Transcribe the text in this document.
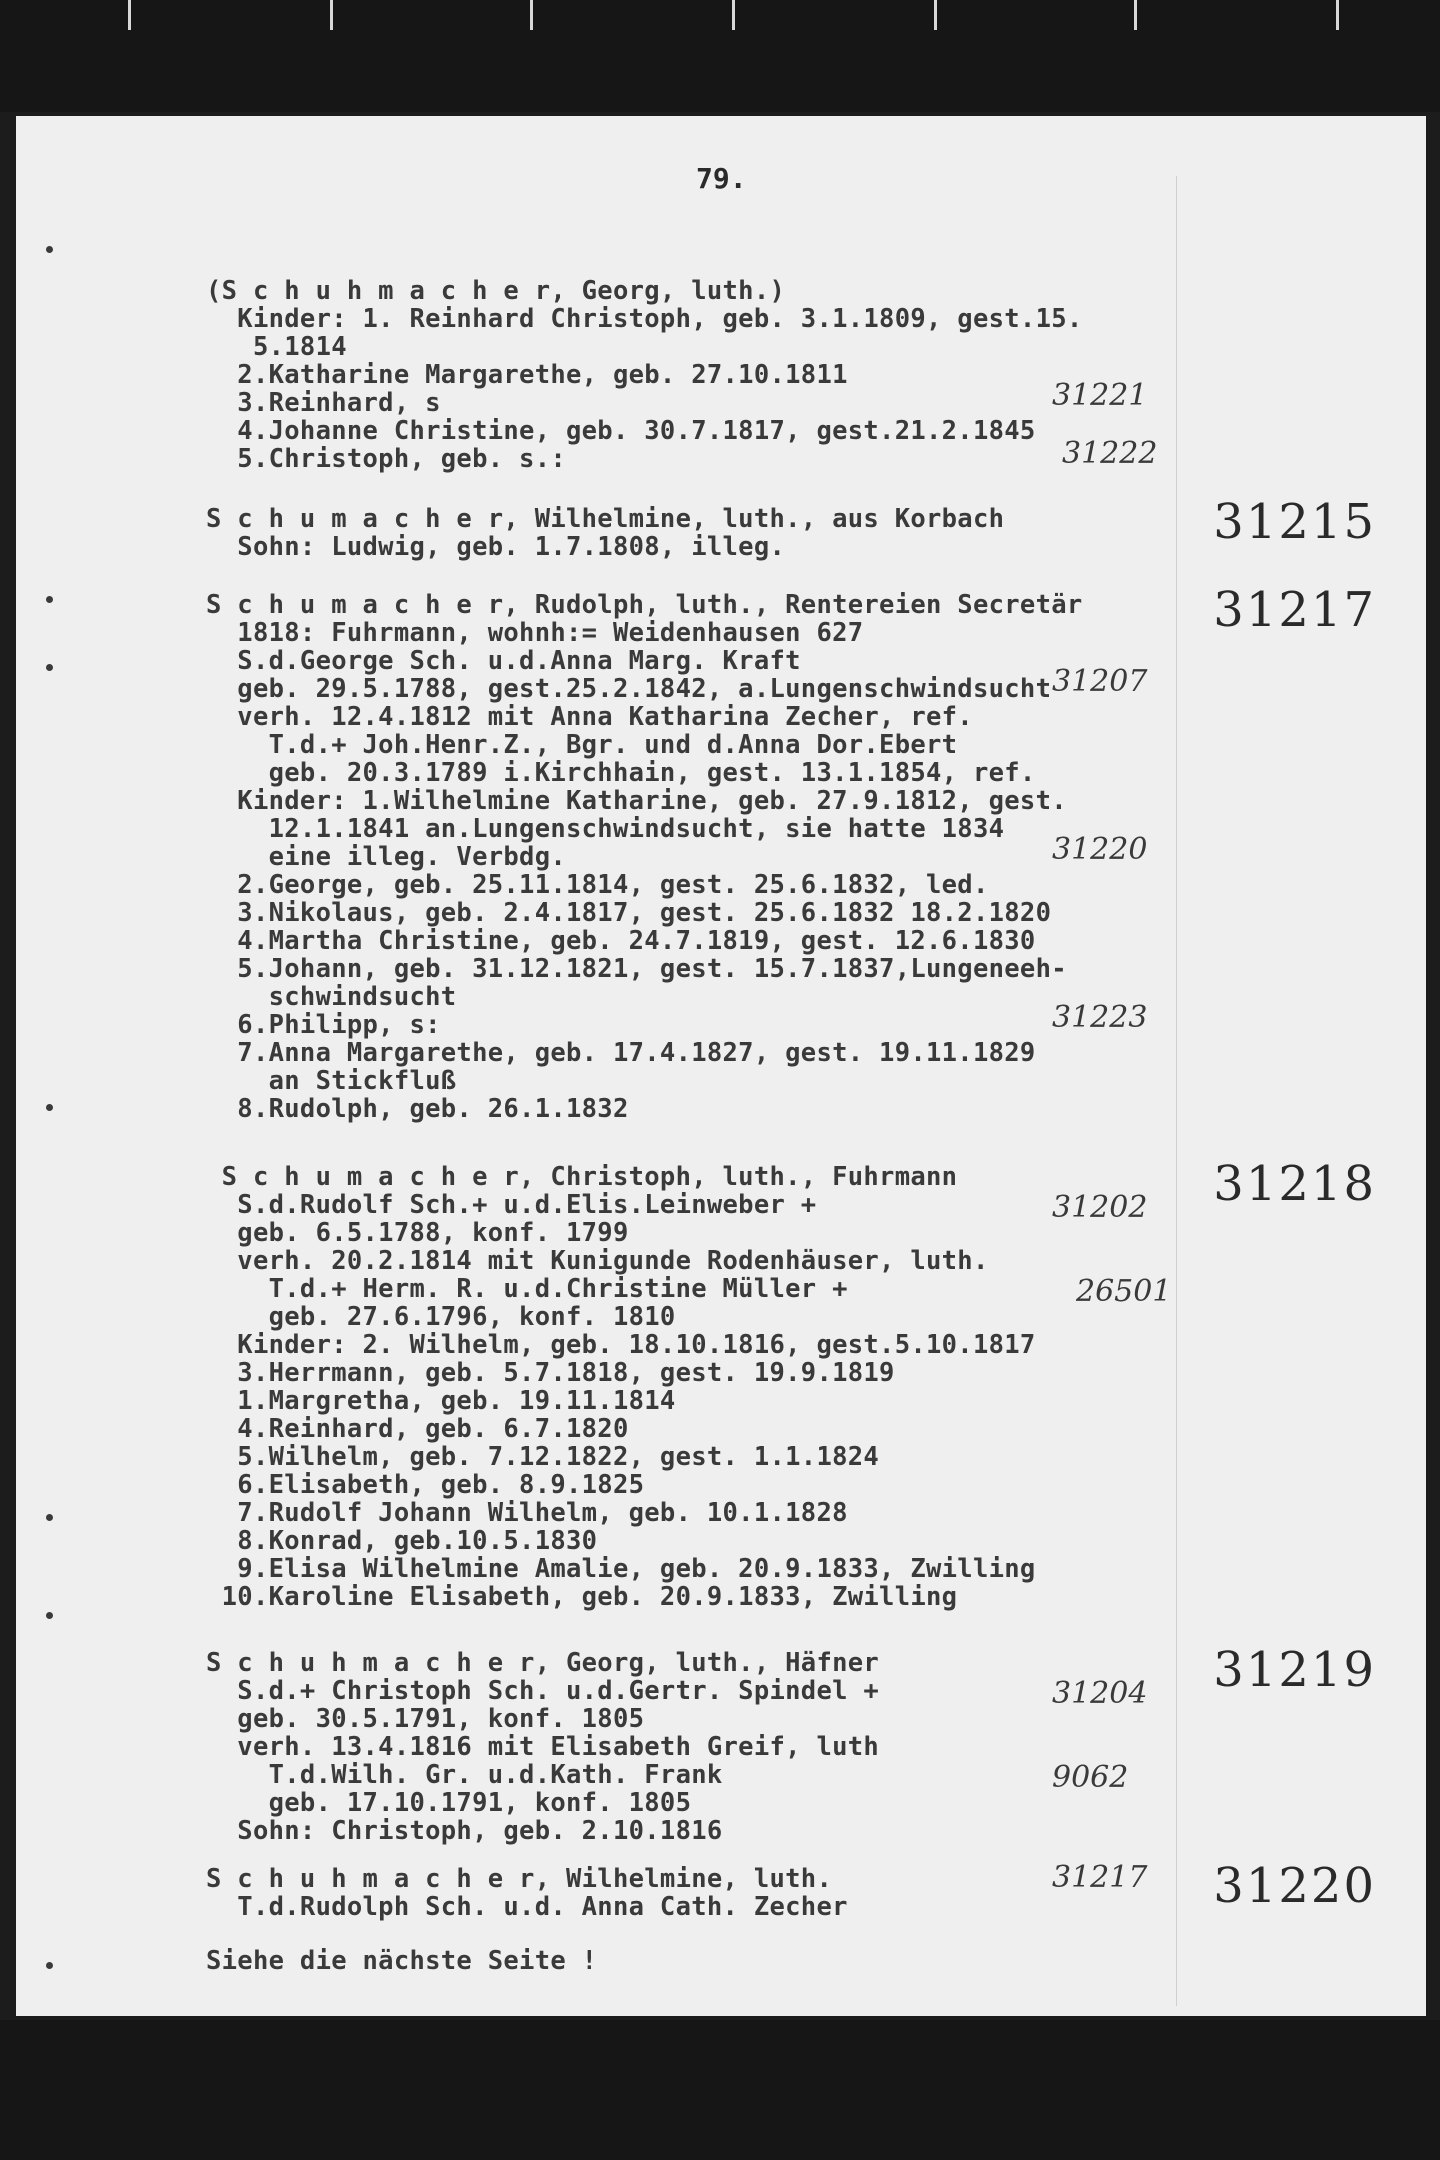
79.
(S c h u h m a c h e r, Georg, luth.)
Kinder: 1. Reinhard Christoph, geb. 3.1.1809, gest.15.
5.1814
2.Katharine Margarethe, geb. 27.10.1811
3.Reinhard, s
4.Johanne Christine, geb. 30.7.1817, gest.21.2.1845
5.Christoph, geb. s.:
31221
31222
S c h u m a c h e r, Wilhelmine, luth., aus Korbach
Sohn: Ludwig, geb. 1.7.1808, illeg.	31215
S c h u m a c h e r, Rudolph, luth., Rentereien Secretär
1818: Fuhrmann, wohnh:= Weidenhausen 627
S.d.George Sch. u.d.Anna Marg. Kraft
geb. 29.5.1788, gest.25.2.1842, a.Lungenschwindsucht
verh. 12.4.1812 mit Anna Katharina Zecher, ref.
T.d.+ Joh.Henr.Z., Bgr. und d.Anna Dor.Ebert
geb. 20.3.1789 i.Kirchhain, gest. 13.1.1854, ref.
Kinder: 1.Wilhelmine Katharine, geb. 27.9.1812, gest.
12.1.1841 an.Lungenschwindsucht, sie hatte 1834
eine illeg. Verbdg.
2.George, geb. 25.11.1814, gest. 25.6.1832, led.
3.Nikolaus, geb. 2.4.1817, gest. 25.6.1832 18.2.1820
4.Martha Christine, geb. 24.7.1819, gest. 12.6.1830
5.Johann, geb. 31.12.1821, gest. 15.7.1837,Lungeneeh-
schwindsucht
6.Philipp, s:
7.Anna Margarethe, geb. 17.4.1827, gest. 19.11.1829
an Stickfluß
8.Rudolph, geb. 26.1.1832
31217
31207
31220
31223
S c h u m a c h e r, Christoph, luth., Fuhrmann
S.d.Rudolf Sch.+ u.d.Elis.Leinweber +
geb. 6.5.1788, konf. 1799
verh. 20.2.1814 mit Kunigunde Rodenhäuser, luth.
T.d.+ Herm. R. u.d.Christine Müller +
geb. 27.6.1796, konf. 1810
Kinder: 2. Wilhelm, geb. 18.10.1816, gest.5.10.1817
3.Herrmann, geb. 5.7.1818, gest. 19.9.1819
1.Margretha, geb. 19.11.1814
4.Reinhard, geb. 6.7.1820
5.Wilhelm, geb. 7.12.1822, gest. 1.1.1824
6.Elisabeth, geb. 8.9.1825
7.Rudolf Johann Wilhelm, geb. 10.1.1828
8.Konrad, geb.10.5.1830
9.Elisa Wilhelmine Amalie, geb. 20.9.1833, Zwilling
10.Karoline Elisabeth, geb. 20.9.1833, Zwilling
31218
31202
26501
S c h u h m a c h e r, Georg, luth., Häfner
S.d.+ Christoph Sch. u.d.Gertr. Spindel +
geb. 30.5.1791, konf. 1805
verh. 13.4.1816 mit Elisabeth Greif, luth
T.d.Wilh. Gr. u.d.Kath. Frank
geb. 17.10.1791, konf. 1805
Sohn: Christoph, geb. 2.10.1816
31219
31204
9062
S c h u h m a c h e r, Wilhelmine, luth.
T.d.Rudolph Sch. u.d. Anna Cath. Zecher	31220
31217
Siehe die nächste Seite !
